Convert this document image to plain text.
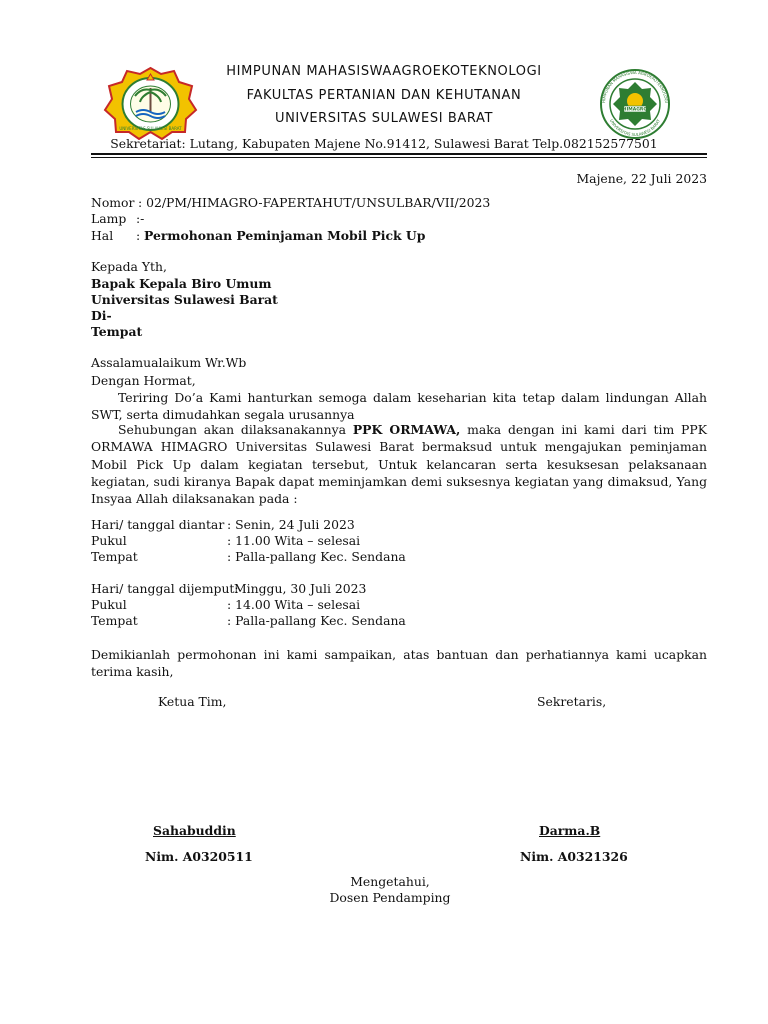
UNIVERSITAS SULAWESI BARAT
HIMAGRO
HIMPUNAN MAHASISWA AGROEKOTEKNOLOGI
UNIVERSITAS SULAWESI BARAT
HIMPUNAN MAHASISWAAGROEKOTEKNOLOGI
FAKULTAS PERTANIAN DAN KEHUTANAN
UNIVERSITAS SULAWESI BARAT
Sekretariat: Lutang, Kabupaten Majene No.91412, Sulawesi Barat Telp.082152577501
Majene, 22 Juli 2023
Nomor : 02/PM/HIMAGRO-FAPERTAHUT/UNSULBAR/VII/2023
Lamp :-
Hal : Permohonan Peminjaman Mobil Pick Up
Kepada Yth,
Bapak Kepala Biro Umum
Universitas Sulawesi Barat
Di-
Tempat
Assalamualaikum Wr.Wb
Dengan Hormat,
Teriring Do’a Kami hanturkan semoga dalam keseharian kita tetap dalam lindungan Allah SWT, serta dimudahkan segala urusannya
Sehubungan akan dilaksanakannya PPK ORMAWA, maka dengan ini kami dari tim PPK ORMAWA HIMAGRO Universitas Sulawesi Barat bermaksud untuk mengajukan peminjaman Mobil Pick Up dalam kegiatan tersebut, Untuk kelancaran serta kesuksesan pelaksanaan kegiatan, sudi kiranya Bapak dapat meminjamkan demi suksesnya kegiatan yang dimaksud, Yang Insyaa Allah dilaksanakan pada :
Hari/ tanggal diantar : Senin, 24 Juli 2023
Pukul	: 11.00 Wita – selesai
Tempat	: Palla-pallang Kec. Sendana
Hari/ tanggal dijemput:
Minggu, 30 Juli 2023
Pukul	: 14.00 Wita – selesai
Tempat	: Palla-pallang Kec. Sendana
Demikianlah permohonan ini kami sampaikan, atas bantuan dan perhatiannya kami ucapkan terima kasih,
Ketua Tim,	Sekretaris,
Sahabuddin	Darma.B
Nim. A0320511	Nim. A0321326
Mengetahui,
Dosen Pendamping
